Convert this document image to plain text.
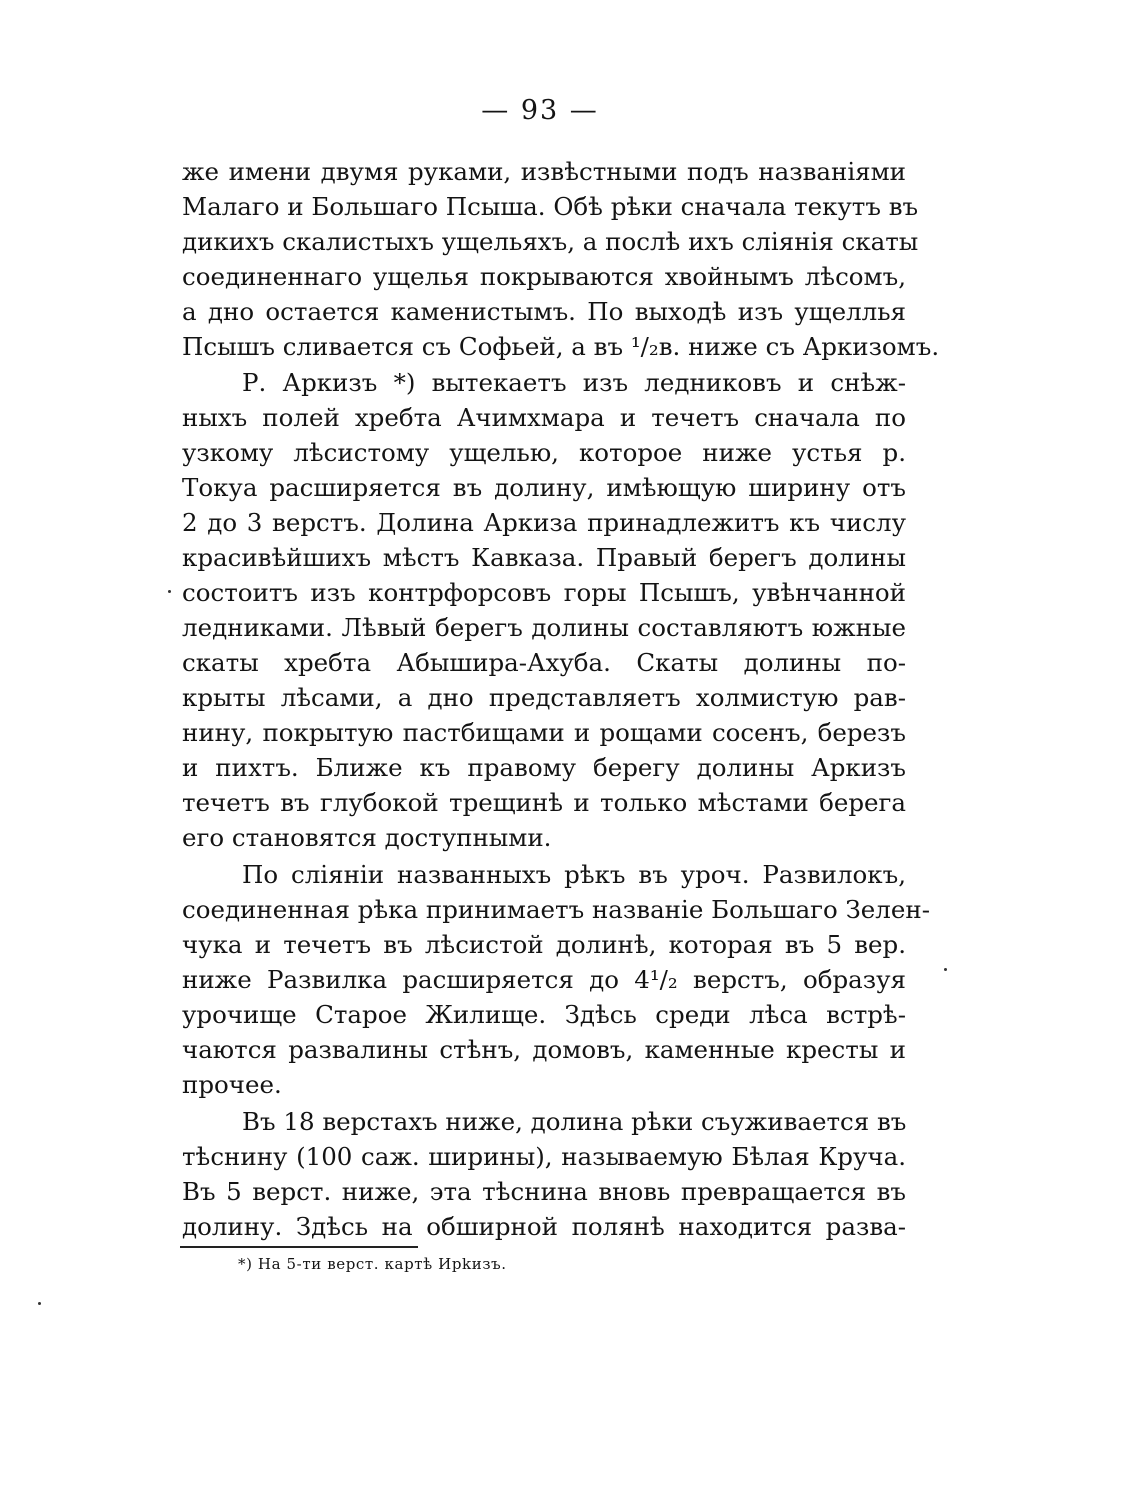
— 93 —
же имени двумя руками, извѣстными подъ названіями
Малаго и Большаго Псыша. Обѣ рѣки сначала текутъ въ
дикихъ скалистыхъ ущельяхъ, а послѣ ихъ сліянія скаты
соединеннаго ущелья покрываются хвойнымъ лѣсомъ,
а дно остается каменистымъ. По выходѣ изъ ущеллья
Псышъ сливается съ Софьей, а въ ¹/₂в. ниже съ Аркизомъ.
Р. Аркизъ *) вытекаетъ изъ ледниковъ и снѣж-
ныхъ полей хребта Ачимхмара и течетъ сначала по
узкому лѣсистому ущелью, которое ниже устья р.
Токуа расширяется въ долину, имѣющую ширину отъ
2 до 3 верстъ. Долина Аркиза принадлежитъ къ числу
красивѣйшихъ мѣстъ Кавказа. Правый берегъ долины
состоитъ изъ контрфорсовъ горы Псышъ, увѣнчанной
ледниками. Лѣвый берегъ долины составляютъ южные
скаты хребта Абышира-Ахуба. Скаты долины по-
крыты лѣсами, а дно представляетъ холмистую рав-
нину, покрытую пастбищами и рощами сосенъ, березъ
и пихтъ. Ближе къ правому берегу долины Аркизъ
течетъ въ глубокой трещинѣ и только мѣстами берега
его становятся доступными.
По сліяніи названныхъ рѣкъ въ уроч. Развилокъ,
соединенная рѣка принимаетъ названіе Большаго Зелен-
чука и течетъ въ лѣсистой долинѣ, которая въ 5 вер.
ниже Развилка расширяется до 4¹/₂ верстъ, образуя
урочище Старое Жилище. Здѣсь среди лѣса встрѣ-
чаются развалины стѣнъ, домовъ, каменные кресты и
прочее.
Въ 18 верстахъ ниже, долина рѣки съуживается въ
тѣснину (100 саж. ширины), называемую Бѣлая Круча.
Въ 5 верст. ниже, эта тѣснина вновь превращается въ
долину. Здѣсь на обширной полянѣ находится разва-
*) На 5-ти верст. картѣ Ирkизъ.
